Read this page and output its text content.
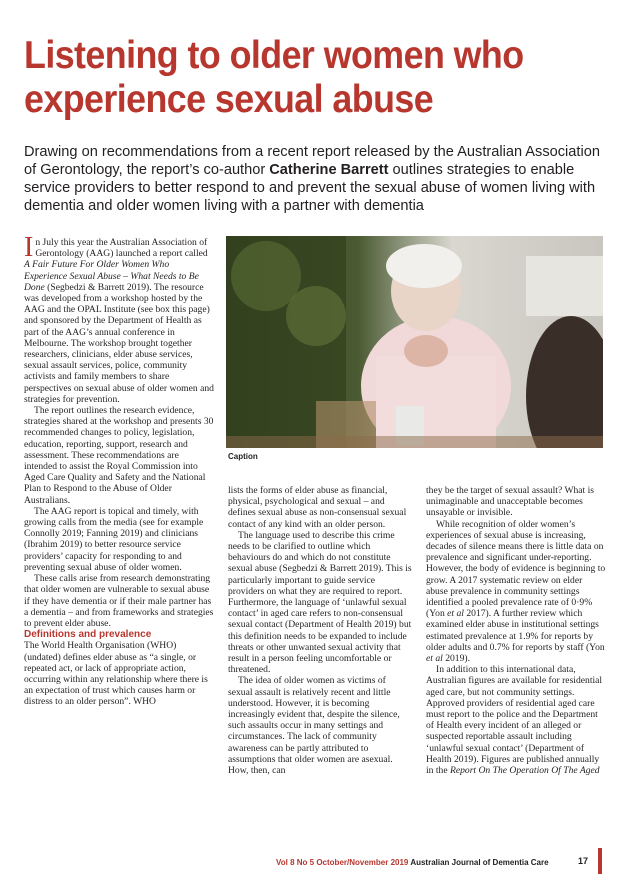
Listening to older women who experience sexual abuse

Drawing on recommendations from a recent report released by the Australian Association of Gerontology, the report’s co-author Catherine Barrett outlines strategies to enable service providers to better respond to and prevent the sexual abuse of women living with dementia and older women living with a partner with dementia

In July this year the Australian Association of Gerontology (AAG) launched a report called A Fair Future For Older Women Who Experience Sexual Abuse – What Needs to Be Done (Segbedzi & Barrett 2019). The resource was developed from a workshop hosted by the AAG and the OPAL Institute (see box this page) and sponsored by the Department of Health as part of the AAG’s annual conference in Melbourne. The workshop brought together researchers, clinicians, elder abuse services, sexual assault services, police, community activists and family members to share perspectives on sexual abuse of older women and strategies for prevention.

The report outlines the research evidence, strategies shared at the workshop and presents 30 recommended changes to policy, legislation, education, reporting, support, research and assessment. These recommendations are intended to assist the Royal Commission into Aged Care Quality and Safety and the National Plan to Respond to the Abuse of Older Australians.

The AAG report is topical and timely, with growing calls from the media (see for example Connolly 2019; Fanning 2019) and clinicians (Ibrahim 2019) to better resource service providers’ capacity for responding to and preventing sexual abuse of older women.

These calls arise from research demonstrating that older women are vulnerable to sexual abuse if they have dementia or if their male partner has a dementia – and from frameworks and strategies to prevent elder abuse.

Definitions and prevalence

The World Health Organisation (WHO) (undated) defines elder abuse as “a single, or repeated act, or lack of appropriate action, occurring within any relationship where there is an expectation of trust which causes harm or distress to an older person”. WHO

Caption

lists the forms of elder abuse as financial, physical, psychological and sexual – and defines sexual abuse as non-consensual sexual contact of any kind with an older person.

The language used to describe this crime needs to be clarified to outline which behaviours do and which do not constitute sexual abuse (Segbedzi & Barrett 2019). This is particularly important to guide service providers on what they are required to report. Furthermore, the language of ‘unlawful sexual contact’ in aged care refers to non-consensual sexual contact (Department of Health 2019) but this definition needs to be expanded to include threats or other unwanted sexual activity that result in a person feeling uncomfortable or threatened.

The idea of older women as victims of sexual assault is relatively recent and little understood. However, it is becoming increasingly evident that, despite the silence, such assaults occur in many settings and circumstances. The lack of community awareness can be partly attributed to assumptions that older women are asexual. How, then, can

they be the target of sexual assault? What is unimaginable and unacceptable becomes unsayable or invisible.

While recognition of older women’s experiences of sexual abuse is increasing, decades of silence means there is little data on prevalence and significant under-reporting. However, the body of evidence is beginning to grow. A 2017 systematic review on elder abuse prevalence in community settings identified a pooled prevalence rate of 0·9% (Yon et al 2017). A further review which examined elder abuse in institutional settings estimated prevalence at 1.9% for reports by older adults and 0.7% for reports by staff (Yon et al 2019).

In addition to this international data, Australian figures are available for residential aged care, but not community settings. Approved providers of residential aged care must report to the police and the Department of Health every incident of an alleged or suspected reportable assault including ‘unlawful sexual contact’ (Department of Health 2019). Figures are published annually in the Report On The Operation Of The Aged

Vol 8 No 5 October/November 2019 Australian Journal of Dementia Care	17
